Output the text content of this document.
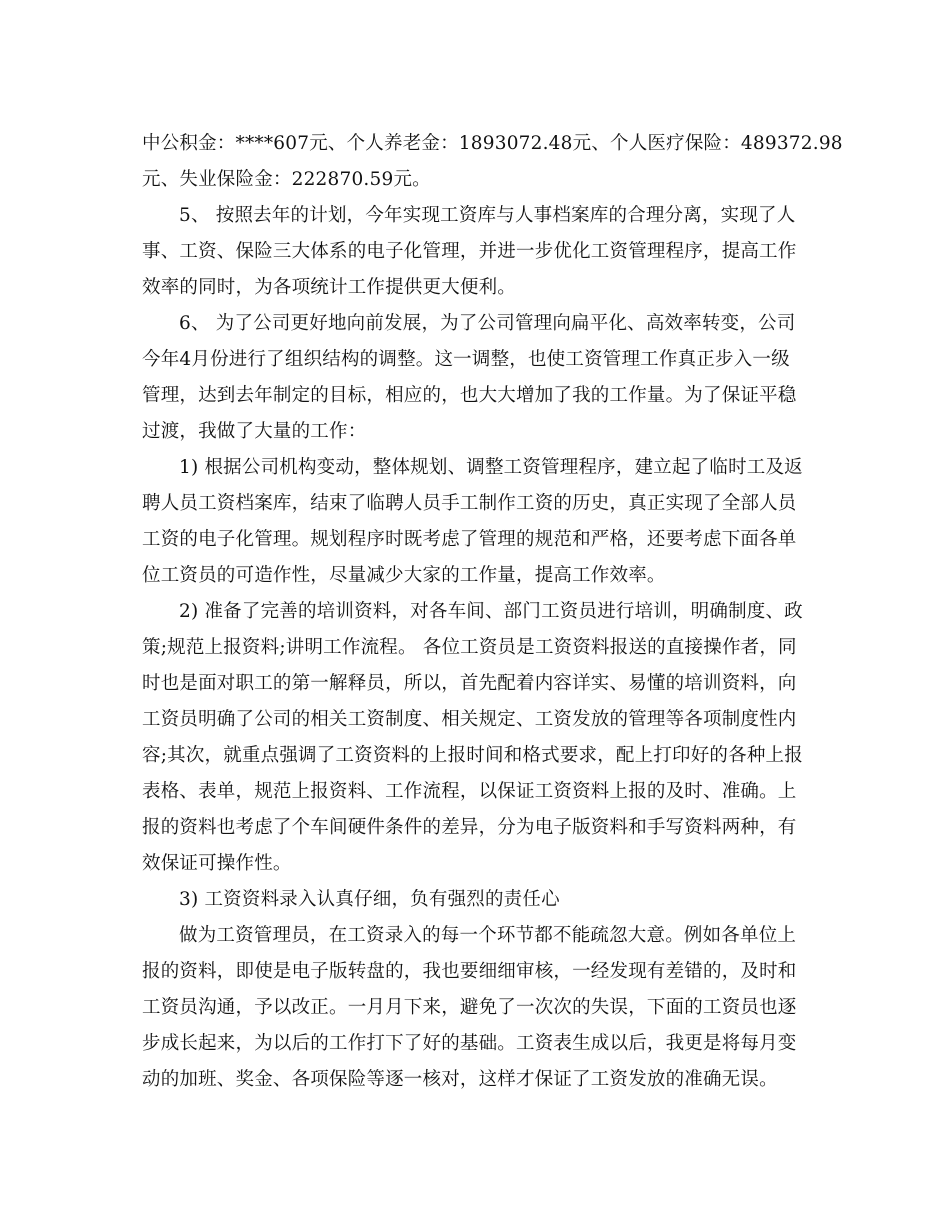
中公积金：****607元、个人养老金：1893072.48元、个人医疗保险：489372.98
元、失业保险金：222870.59元。

5、 按照去年的计划，今年实现工资库与人事档案库的合理分离，实现了人
事、工资、保险三大体系的电子化管理，并进一步优化工资管理程序，提高工作
效率的同时，为各项统计工作提供更大便利。

6、 为了公司更好地向前发展，为了公司管理向扁平化、高效率转变，公司
今年4月份进行了组织结构的调整。这一调整，也使工资管理工作真正步入一级
管理，达到去年制定的目标，相应的，也大大增加了我的工作量。为了保证平稳
过渡，我做了大量的工作：

1) 根据公司机构变动，整体规划、调整工资管理程序，建立起了临时工及返
聘人员工资档案库，结束了临聘人员手工制作工资的历史，真正实现了全部人员
工资的电子化管理。规划程序时既考虑了管理的规范和严格，还要考虑下面各单
位工资员的可造作性，尽量减少大家的工作量，提高工作效率。

2) 准备了完善的培训资料，对各车间、部门工资员进行培训，明确制度、政
策;规范上报资料;讲明工作流程。 各位工资员是工资资料报送的直接操作者，同
时也是面对职工的第一解释员，所以，首先配着内容详实、易懂的培训资料，向
工资员明确了公司的相关工资制度、相关规定、工资发放的管理等各项制度性内
容;其次，就重点强调了工资资料的上报时间和格式要求，配上打印好的各种上报
表格、表单，规范上报资料、工作流程，以保证工资资料上报的及时、准确。上
报的资料也考虑了个车间硬件条件的差异，分为电子版资料和手写资料两种，有
效保证可操作性。

3) 工资资料录入认真仔细，负有强烈的责任心

做为工资管理员，在工资录入的每一个环节都不能疏忽大意。例如各单位上
报的资料，即使是电子版转盘的，我也要细细审核，一经发现有差错的，及时和
工资员沟通，予以改正。一月月下来，避免了一次次的失误，下面的工资员也逐
步成长起来，为以后的工作打下了好的基础。工资表生成以后，我更是将每月变
动的加班、奖金、各项保险等逐一核对，这样才保证了工资发放的准确无误。
